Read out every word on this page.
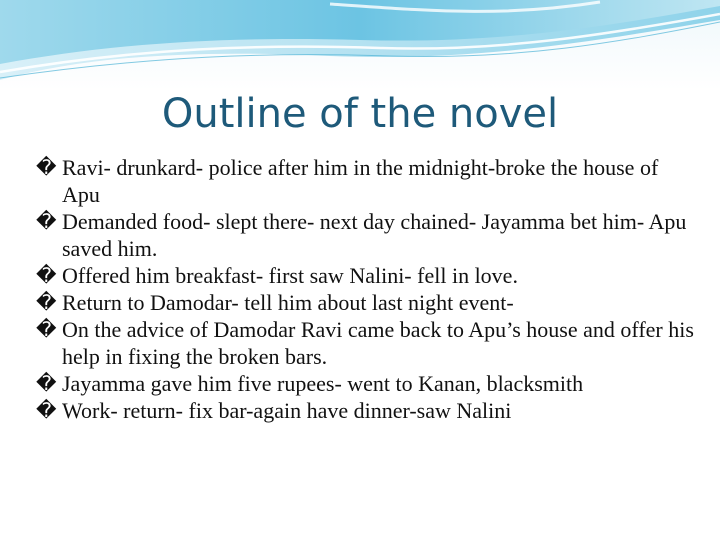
Outline of the novel
� Ravi- drunkard- police after him in the midnight-broke the house of Apu
� Demanded food- slept there- next day chained- Jayamma bet him- Apu saved him.
� Offered him breakfast- first saw Nalini- fell in love.
� Return to Damodar- tell him about last night event-
� On the advice of Damodar Ravi came back to Apu’s house and offer his help in fixing the broken bars.
� Jayamma gave him five rupees- went to Kanan, blacksmith
� Work- return- fix bar-again have dinner-saw Nalini
